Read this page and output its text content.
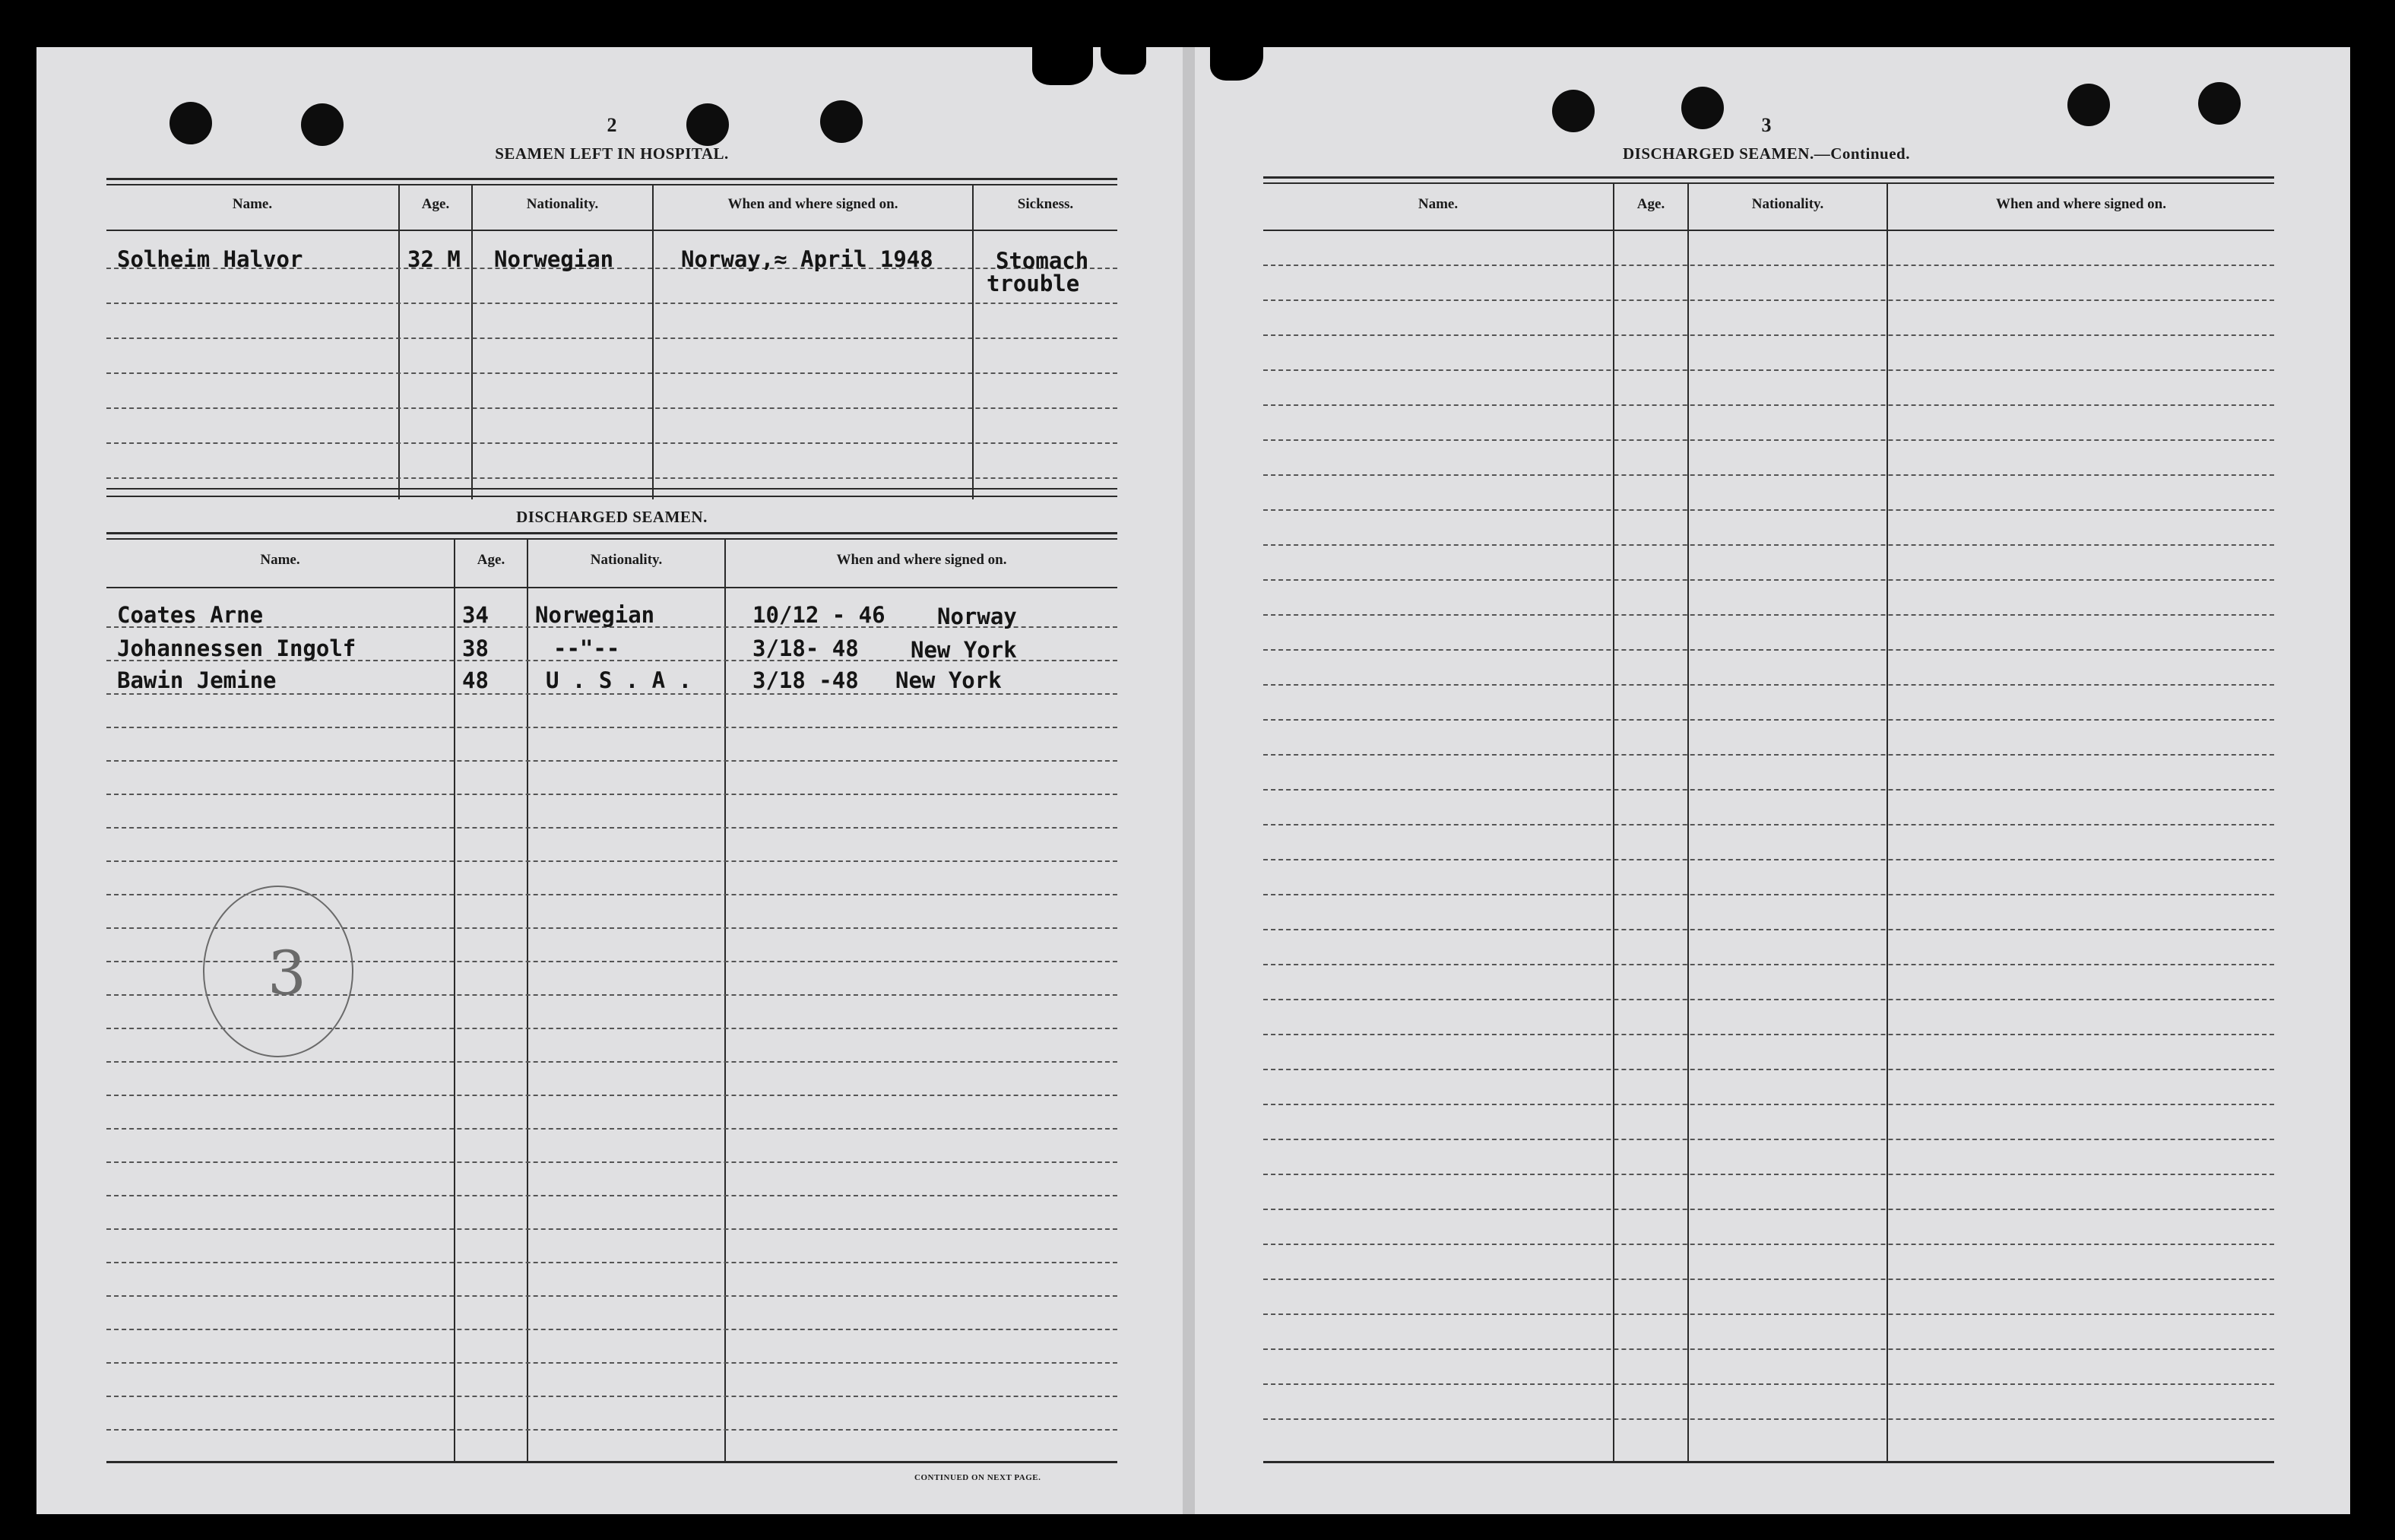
2
SEAMEN LEFT IN HOSPITAL.
Name.	Age.	Nationality.	When and where signed on.	Sickness.
Solheim Halvor	32 M Norwegian	Norway,≈ April 1948	Stomach
trouble
DISCHARGED SEAMEN.
Name.	Age.	Nationality.	When and where signed on.
Coates Arne	34 Norwegian	10/12 - 46 Norway
Johannessen Ingolf	38	--"--	3/18- 48 New York
Bawin Jemine	48	U . S . A .	3/18 -48 New York
3
CONTINUED ON NEXT PAGE.
3
DISCHARGED SEAMEN.—Continued.
Name.	Age.	Nationality.	When and where signed on.
